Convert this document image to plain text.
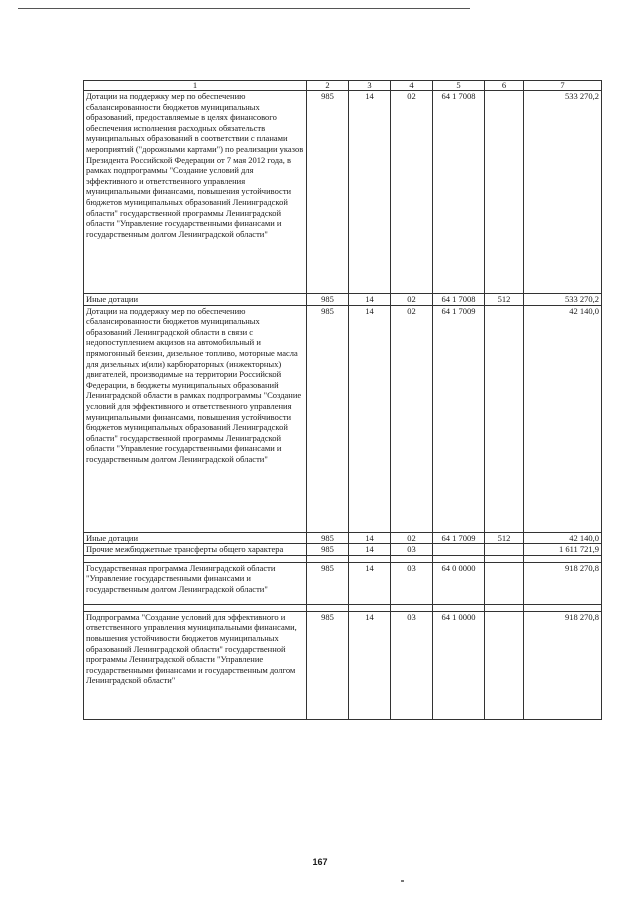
1	2	3	4	5	6	7
Дотации на поддержку мер по обеспечению сбалансированности бюджетов муниципальных образований, предоставляемые в целях финансового обеспечения исполнения расходных обязательств муниципальных образований в соответствии с планами мероприятий ("дорожными картами") по реализации указов Президента Российской Федерации от 7 мая 2012 года, в рамках подпрограммы "Создание условий для эффективного и ответственного управления муниципальными финансами, повышения устойчивости бюджетов муниципальных образований Ленинградской области" государственной программы Ленинградской области "Управление государственными финансами и государственным долгом Ленинградской области"	985	14	02	64 1 7008		533 270,2
Иные дотации	985	14	02	64 1 7008	512	533 270,2
Дотации на поддержку мер по обеспечению сбалансированности бюджетов муниципальных образований Ленинградской области в связи с недопоступлением акцизов на автомобильный и прямогонный бензин, дизельное топливо, моторные масла для дизельных и(или) карбюраторных (инжекторных) двигателей, производимые на территории Российской Федерации, в бюджеты муниципальных образований Ленинградской области в рамках подпрограммы "Создание условий для эффективного и ответственного управления муниципальными финансами, повышения устойчивости бюджетов муниципальных образований Ленинградской области" государственной программы Ленинградской области "Управление государственными финансами и государственным долгом Ленинградской области"	985	14	02	64 1 7009		42 140,0
Иные дотации	985	14	02	64 1 7009	512	42 140,0
Прочие межбюджетные трансферты общего характера	985	14	03			1 611 721,9

Государственная программа Ленинградской области "Управление государственными финансами и государственным долгом Ленинградской области"	985	14	03	64 0 0000		918 270,8

Подпрограмма "Создание условий для эффективного и ответственного управления муниципальными финансами, повышения устойчивости бюджетов муниципальных образований Ленинградской области" государственной программы Ленинградской области "Управление государственными финансами и государственным долгом Ленинградской области"	985	14	03	64 1 0000		918 270,8
167
